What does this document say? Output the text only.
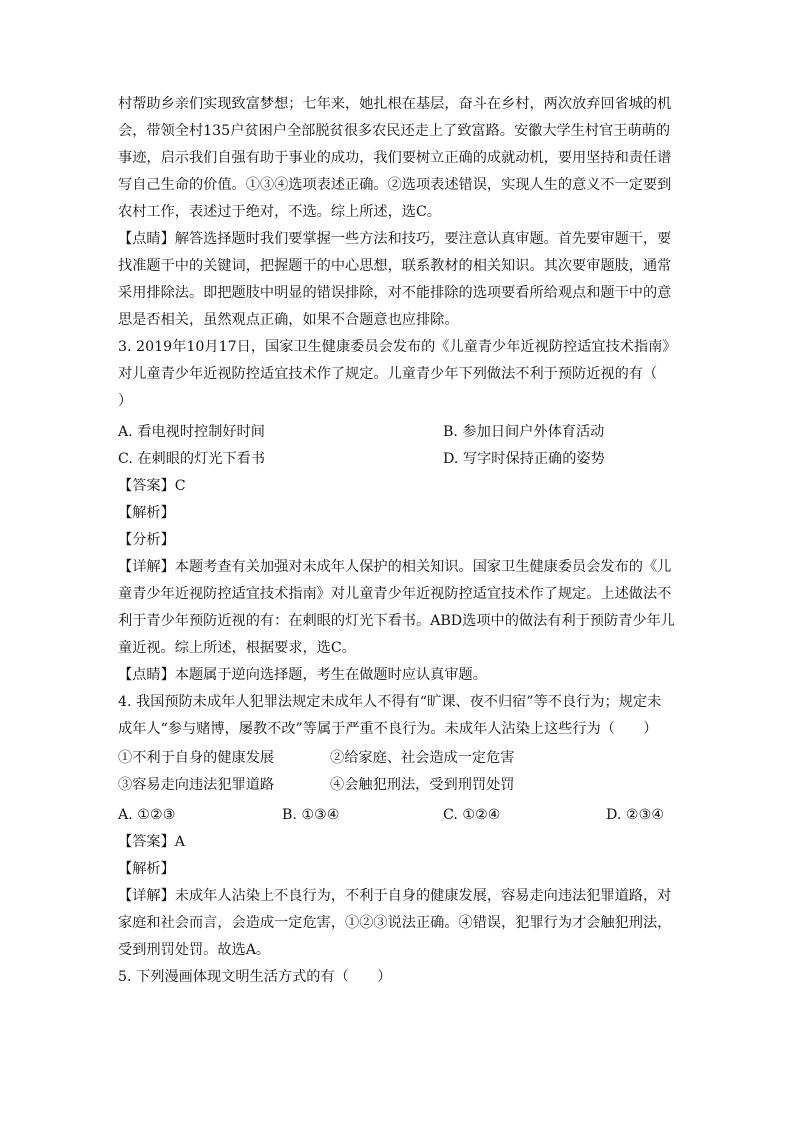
村帮助乡亲们实现致富梦想；七年来，她扎根在基层，奋斗在乡村，两次放弃回省城的机
会，带领全村135户贫困户全部脱贫很多农民还走上了致富路。安徽大学生村官王萌萌的
事迹，启示我们自强有助于事业的成功，我们要树立正确的成就动机，要用坚持和责任谱
写自己生命的价值。①③④选项表述正确。②选项表述错误，实现人生的意义不一定要到
农村工作，表述过于绝对，不选。综上所述，选C。
【点睛】解答选择题时我们要掌握一些方法和技巧，要注意认真审题。首先要审题干，要
找准题干中的关键词，把握题干的中心思想，联系教材的相关知识。其次要审题肢，通常
采用排除法。即把题肢中明显的错误排除，对不能排除的选项要看所给观点和题干中的意
思是否相关，虽然观点正确，如果不合题意也应排除。
3. 2019年10月17日，国家卫生健康委员会发布的《儿童青少年近视防控适宜技术指南》
对儿童青少年近视防控适宜技术作了规定。儿童青少年下列做法不利于预防近视的有（
）
A. 看电视时控制好时间	B. 参加日间户外体育活动
C. 在刺眼的灯光下看书	D. 写字时保持正确的姿势
【答案】C
【解析】
【分析】
【详解】本题考查有关加强对未成年人保护的相关知识。国家卫生健康委员会发布的《儿
童青少年近视防控适宜技术指南》对儿童青少年近视防控适宜技术作了规定。上述做法不
利于青少年预防近视的有：在刺眼的灯光下看书。ABD选项中的做法有利于预防青少年儿
童近视。综上所述，根据要求，选C。
【点睛】本题属于逆向选择题，考生在做题时应认真审题。
4. 我国预防未成年人犯罪法规定未成年人不得有“旷课、夜不归宿”等不良行为；规定未
成年人“参与赌博，屡教不改”等属于严重不良行为。未成年人沾染上这些行为（　　）
①不利于自身的健康发展	②给家庭、社会造成一定危害
③容易走向违法犯罪道路	④会触犯刑法，受到刑罚处罚
A. ①②③	B. ①③④	C. ①②④	D. ②③④
【答案】A
【解析】
【详解】未成年人沾染上不良行为，不利于自身的健康发展，容易走向违法犯罪道路，对
家庭和社会而言，会造成一定危害，①②③说法正确。④错误，犯罪行为才会触犯刑法，
受到刑罚处罚。故选A。
5. 下列漫画体现文明生活方式的有（　　）
